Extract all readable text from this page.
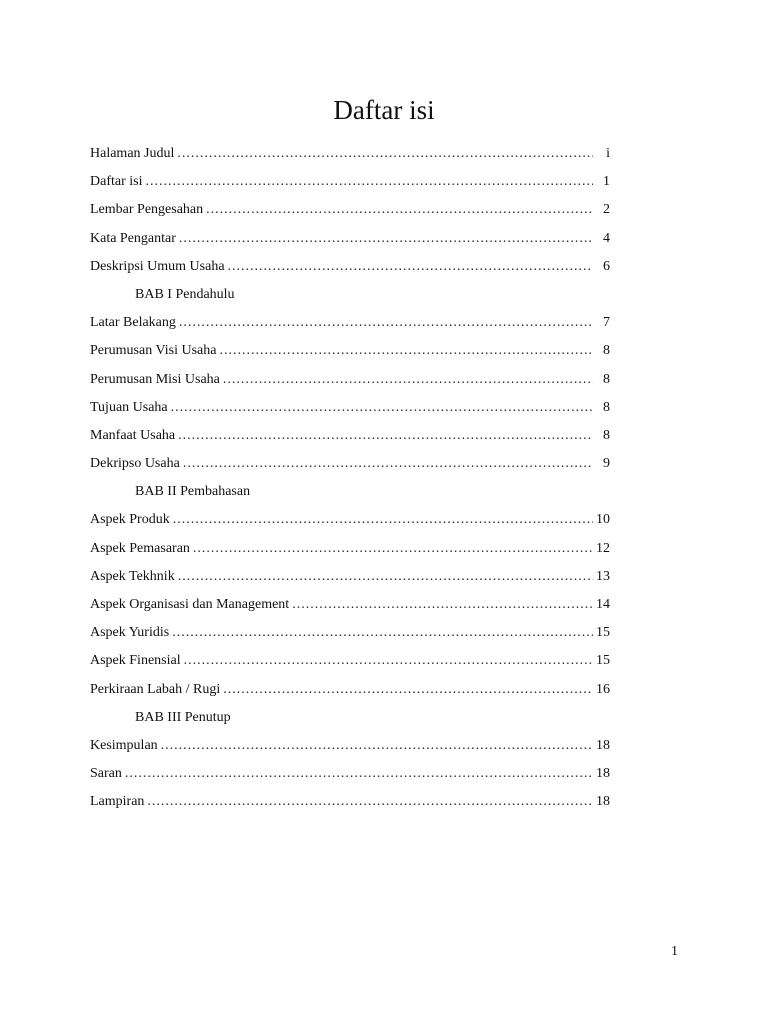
Daftar isi
Halaman Judul .....	i
Daftar isi .....	1
Lembar Pengesahan .....	2
Kata Pengantar .....	4
Deskripsi Umum Usaha .....	6
BAB I Pendahulu
Latar Belakang .....	7
Perumusan Visi Usaha .....	8
Perumusan Misi Usaha .....	8
Tujuan Usaha .....	8
Manfaat Usaha .....	8
Dekripso Usaha .....	9
BAB II Pembahasan
Aspek Produk .....	10
Aspek Pemasaran .....	12
Aspek Tekhnik .....	13
Aspek Organisasi dan Management .....	14
Aspek Yuridis .....	15
Aspek Finensial .....	15
Perkiraan Labah / Rugi .....	16
BAB III Penutup
Kesimpulan .....	18
Saran .....	18
Lampiran .....	18
1
